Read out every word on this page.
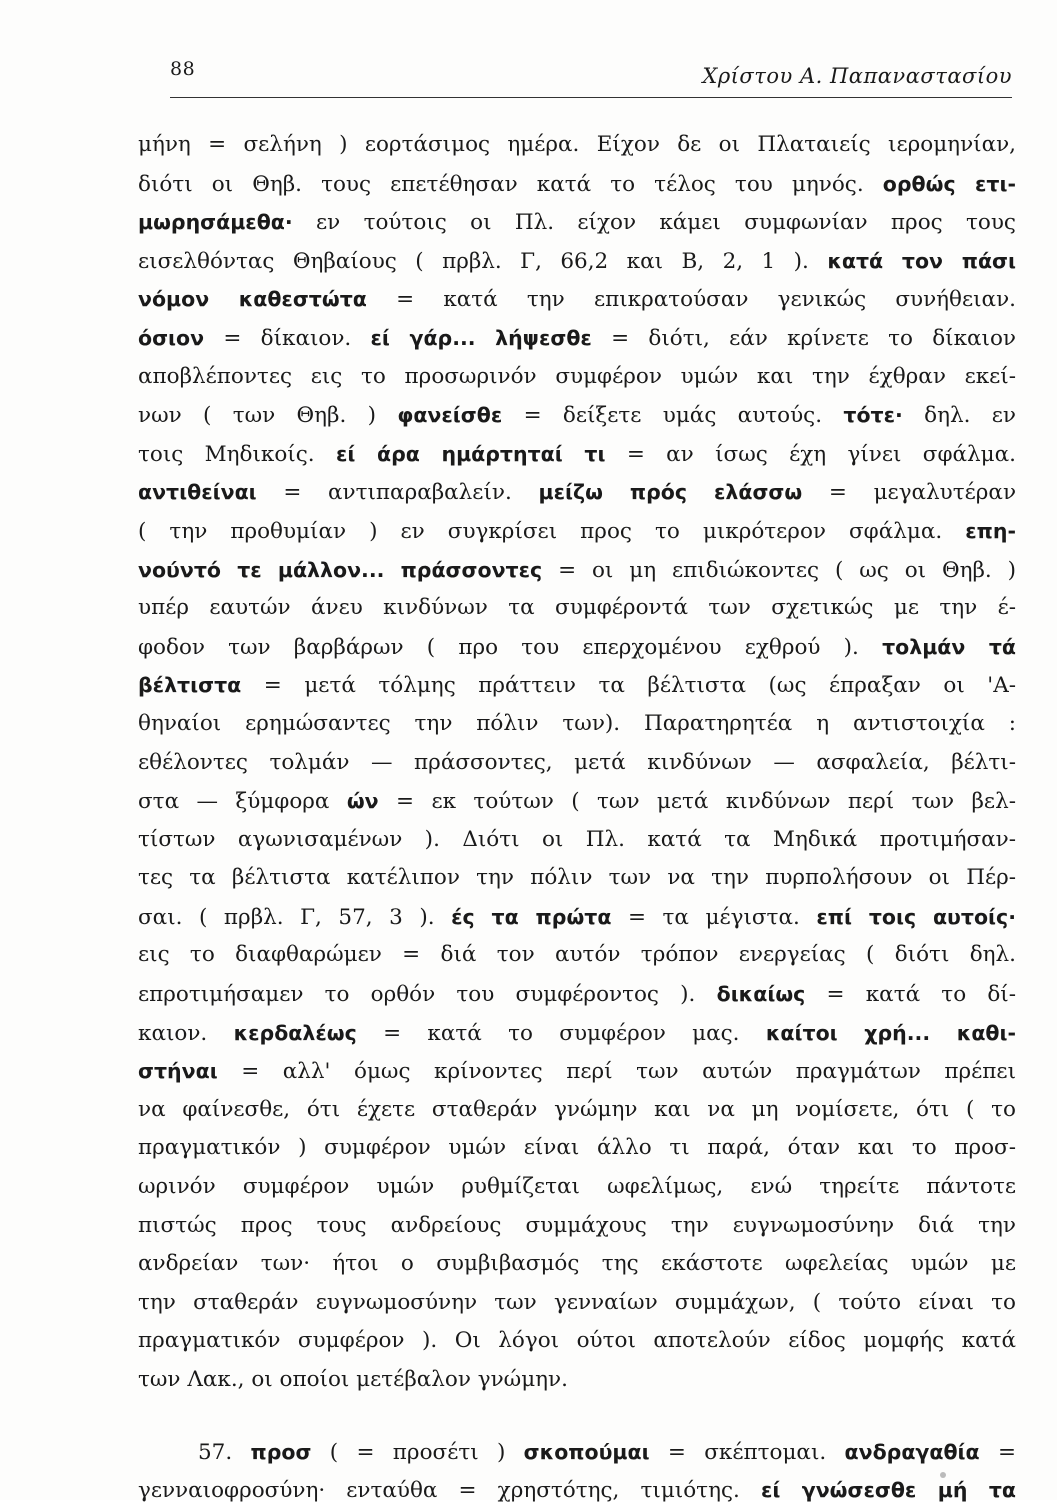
88	Χρίστου Α. Παπαναστασίου
μήνη = σελήνη ) εορτάσιμος ημέρα. Είχον δε οι Πλαταιείς ιερομηνίαν,
διότι οι Θηβ. τους επετέθησαν κατά το τέλος του μηνός. ορθώς ετι-
μωρησάμεθα· εν τούτοις οι Πλ. είχον κάμει συμφωνίαν προς τους
εισελθόντας Θηβαίους ( πρβλ. Γ, 66,2 και Β, 2, 1 ). κατά τον πάσι
νόμον καθεστώτα = κατά την επικρατούσαν γενικώς συνήθειαν.
όσιον = δίκαιον. εί γάρ... λήψεσθε = διότι, εάν κρίνετε το δίκαιον
αποβλέποντες εις το προσωρινόν συμφέρον υμών και την έχθραν εκεί-
νων ( των Θηβ. ) φανείσθε = δείξετε υμάς αυτούς. τότε· δηλ. εν
τοις Μηδικοίς. εί άρα ημάρτηταί τι = αν ίσως έχη γίνει σφάλμα.
αντιθείναι = αντιπαραβαλείν. μείζω πρός ελάσσω = μεγαλυτέραν
( την προθυμίαν ) εν συγκρίσει προς το μικρότερον σφάλμα. επη-
νούντό τε μάλλον... πράσσοντες = οι μη επιδιώκοντες ( ως οι Θηβ. )
υπέρ εαυτών άνευ κινδύνων τα συμφέροντά των σχετικώς με την έ-
φοδον των βαρβάρων ( προ του επερχομένου εχθρού ). τολμάν τά
βέλτιστα = μετά τόλμης πράττειν τα βέλτιστα (ως έπραξαν οι 'Α-
θηναίοι ερημώσαντες την πόλιν των). Παρατηρητέα η αντιστοιχία :
εθέλοντες τολμάν — πράσσοντες, μετά κινδύνων — ασφαλεία, βέλτι-
στα — ξύμφορα ών = εκ τούτων ( των μετά κινδύνων περί των βελ-
τίστων αγωνισαμένων ). Διότι οι Πλ. κατά τα Μηδικά προτιμήσαν-
τες τα βέλτιστα κατέλιπον την πόλιν των να την πυρπολήσουν οι Πέρ-
σαι. ( πρβλ. Γ, 57, 3 ). ές τα πρώτα = τα μέγιστα. επί τοις αυτοίς·
εις το διαφθαρώμεν = διά τον αυτόν τρόπον ενεργείας ( διότι δηλ.
επροτιμήσαμεν το ορθόν του συμφέροντος ). δικαίως = κατά το δί-
καιον. κερδαλέως = κατά το συμφέρον μας. καίτοι χρή... καθι-
στήναι = αλλ' όμως κρίνοντες περί των αυτών πραγμάτων πρέπει
να φαίνεσθε, ότι έχετε σταθεράν γνώμην και να μη νομίσετε, ότι ( το
πραγματικόν ) συμφέρον υμών είναι άλλο τι παρά, όταν και το προσ-
ωρινόν συμφέρον υμών ρυθμίζεται ωφελίμως, ενώ τηρείτε πάντοτε
πιστώς προς τους ανδρείους συμμάχους την ευγνωμοσύνην διά την
ανδρείαν των· ήτοι ο συμβιβασμός της εκάστοτε ωφελείας υμών με
την σταθεράν ευγνωμοσύνην των γενναίων συμμάχων, ( τούτο είναι το
πραγματικόν συμφέρον ). Οι λόγοι ούτοι αποτελούν είδος μομφής κατά
των Λακ., οι οποίοι μετέβαλον γνώμην.
57. προσ ( = προσέτι ) σκοπούμαι = σκέπτομαι. ανδραγαθία =
γενναιοφροσύνη· ενταύθα = χρηστότης, τιμιότης. εί γνώσεσθε μή τα
